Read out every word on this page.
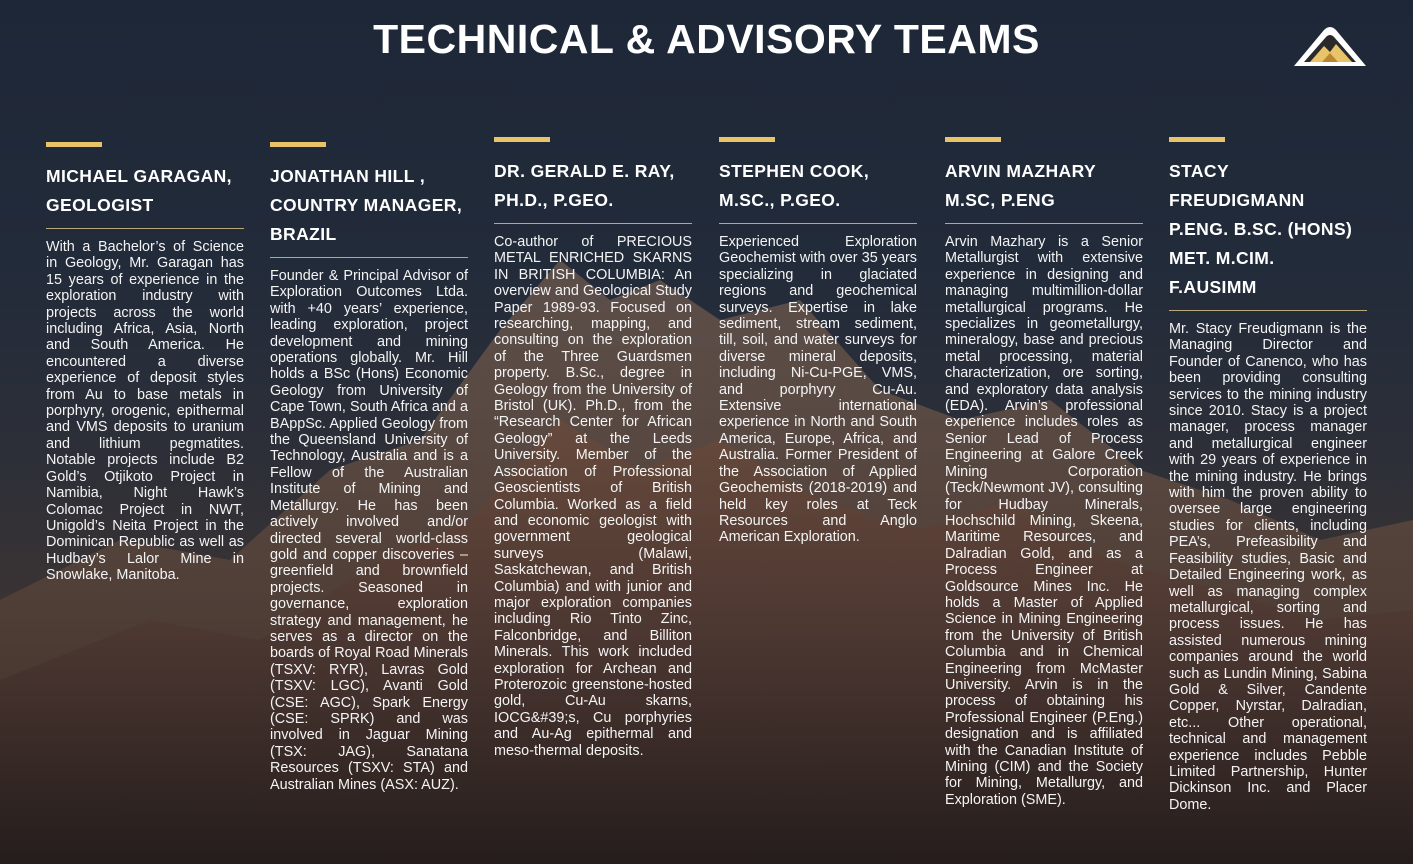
TECHNICAL & ADVISORY TEAMS
MICHAEL GARAGAN,
GEOLOGIST
With a Bachelor’s of Science in Geology, Mr. Garagan has 15 years of experience in the exploration industry with projects across the world including Africa, Asia, North and South America. He encountered a diverse experience of deposit styles from Au to base metals in porphyry, orogenic, epithermal and VMS deposits to uranium and lithium pegmatites. Notable projects include B2 Gold’s Otjikoto Project in Namibia, Night Hawk’s Colomac Project in NWT, Unigold’s Neita Project in the Dominican Republic as well as Hudbay’s Lalor Mine in Snowlake, Manitoba.
JONATHAN HILL ,
COUNTRY MANAGER,
BRAZIL
Founder & Principal Advisor of Exploration Outcomes Ltda. with +40 years’ experience, leading exploration, project development and mining operations globally. Mr. Hill holds a BSc (Hons) Economic Geology from University of Cape Town, South Africa and a BAppSc. Applied Geology from the Queensland University of Technology, Australia and is a Fellow of the Australian Institute of Mining and Metallurgy. He has been actively involved and/or directed several world-class gold and copper discoveries – greenfield and brownfield projects. Seasoned in governance, exploration strategy and management, he serves as a director on the boards of Royal Road Minerals (TSXV: RYR), Lavras Gold (TSXV: LGC), Avanti Gold (CSE: AGC), Spark Energy (CSE: SPRK) and was involved in Jaguar Mining (TSX: JAG), Sanatana Resources (TSXV: STA) and Australian Mines (ASX: AUZ).
DR. GERALD E. RAY,
PH.D., P.GEO.
Co-author of PRECIOUS METAL ENRICHED SKARNS IN BRITISH COLUMBIA: An overview and Geological Study Paper 1989-93. Focused on researching, mapping, and consulting on the exploration of the Three Guardsmen property. B.Sc., degree in Geology from the University of Bristol (UK). Ph.D., from the “Research Center for African Geology” at the Leeds University. Member of the Association of Professional Geoscientists of British Columbia. Worked as a field and economic geologist with government geological surveys (Malawi, Saskatchewan, and British Columbia) and with junior and major exploration companies including Rio Tinto Zinc, Falconbridge, and Billiton Minerals. This work included exploration for Archean and Proterozoic greenstone-hosted gold, Cu-Au skarns, IOCG&#39;s, Cu porphyries and Au-Ag epithermal and meso-thermal deposits.
STEPHEN COOK,
M.SC., P.GEO.
Experienced Exploration Geochemist with over 35 years specializing in glaciated regions and geochemical surveys. Expertise in lake sediment, stream sediment, till, soil, and water surveys for diverse mineral deposits, including Ni-Cu-PGE, VMS, and porphyry Cu-Au. Extensive international experience in North and South America, Europe, Africa, and Australia. Former President of the Association of Applied Geochemists (2018-2019) and held key roles at Teck Resources and Anglo American Exploration.
ARVIN MAZHARY
M.SC, P.ENG
Arvin Mazhary is a Senior Metallurgist with extensive experience in designing and managing multimillion-dollar metallurgical programs. He specializes in geometallurgy, mineralogy, base and precious metal processing, material characterization, ore sorting, and exploratory data analysis (EDA). Arvin’s professional experience includes roles as Senior Lead of Process Engineering at Galore Creek Mining Corporation (Teck/Newmont JV), consulting for Hudbay Minerals, Hochschild Mining, Skeena, Maritime Resources, and Dalradian Gold, and as a Process Engineer at Goldsource Mines Inc. He holds a Master of Applied Science in Mining Engineering from the University of British Columbia and in Chemical Engineering from McMaster University. Arvin is in the process of obtaining his Professional Engineer (P.Eng.) designation and is affiliated with the Canadian Institute of Mining (CIM) and the Society for Mining, Metallurgy, and Exploration (SME).
STACY FREUDIGMANN
P.ENG. B.SC. (HONS)
MET. M.CIM. F.AUSIMM
Mr. Stacy Freudigmann is the Managing Director and Founder of Canenco, who has been providing consulting services to the mining industry since 2010. Stacy is a project manager, process manager and metallurgical engineer with 29 years of experience in the mining industry. He brings with him the proven ability to oversee large engineering studies for clients, including PEA’s, Prefeasibility and Feasibility studies, Basic and Detailed Engineering work, as well as managing complex metallurgical, sorting and process issues. He has assisted numerous mining companies around the world such as Lundin Mining, Sabina Gold & Silver, Candente Copper, Nyrstar, Dalradian, etc... Other operational, technical and management experience includes Pebble Limited Partnership, Hunter Dickinson Inc. and Placer Dome.
